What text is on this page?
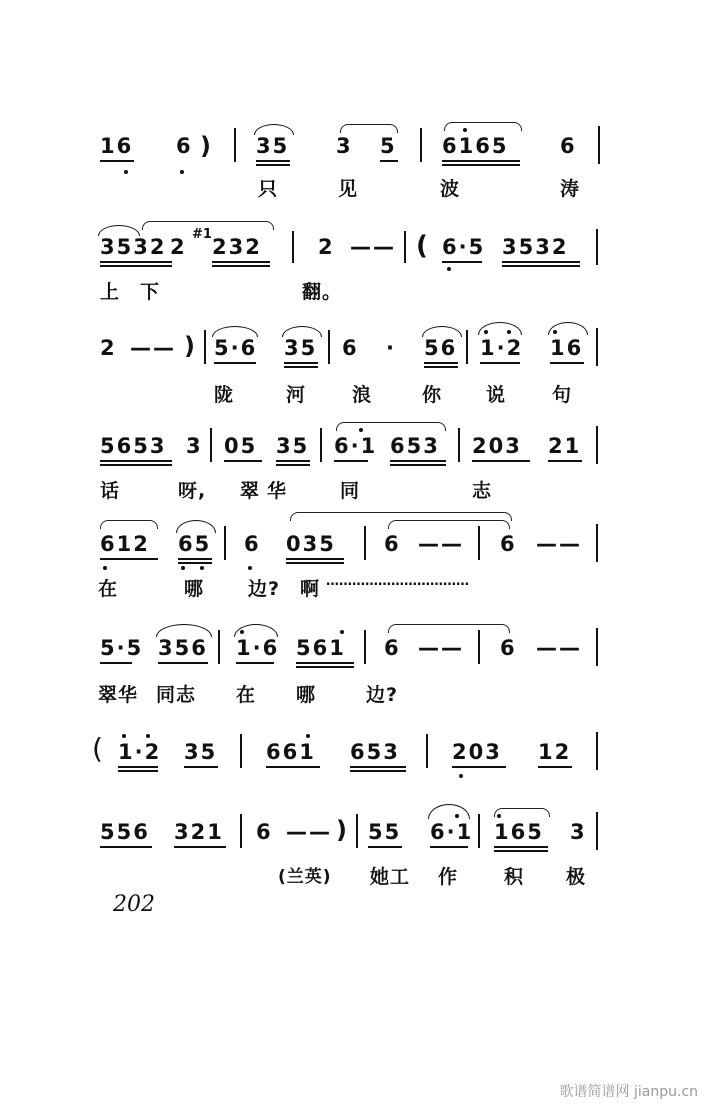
16 6 ) 35 3 5 6165 6
只	见	波	涛
3532 2
#1
232	2 —— ( 6·5 3532
上 下	翻。
2 —— ) 5·6 35 6 · 56 1·2 16
陇	河 浪	你 说 句
5653 3 05 35 6·1 653 203 21
话	呀, 翠华 同	志
612 65 6 035 6 —— 6 ——
在	哪 边? 啊 ……………………………
5·5 356 1·6 561 6 —— 6 ——
翠华 同志 在 哪	边?
( 1·2 35 661 653 203 12
556 321 6 —— ) 55 6·1 165 3
(兰英) 她工 作 积 极
202
歌谱简谱网 jianpu.cn
